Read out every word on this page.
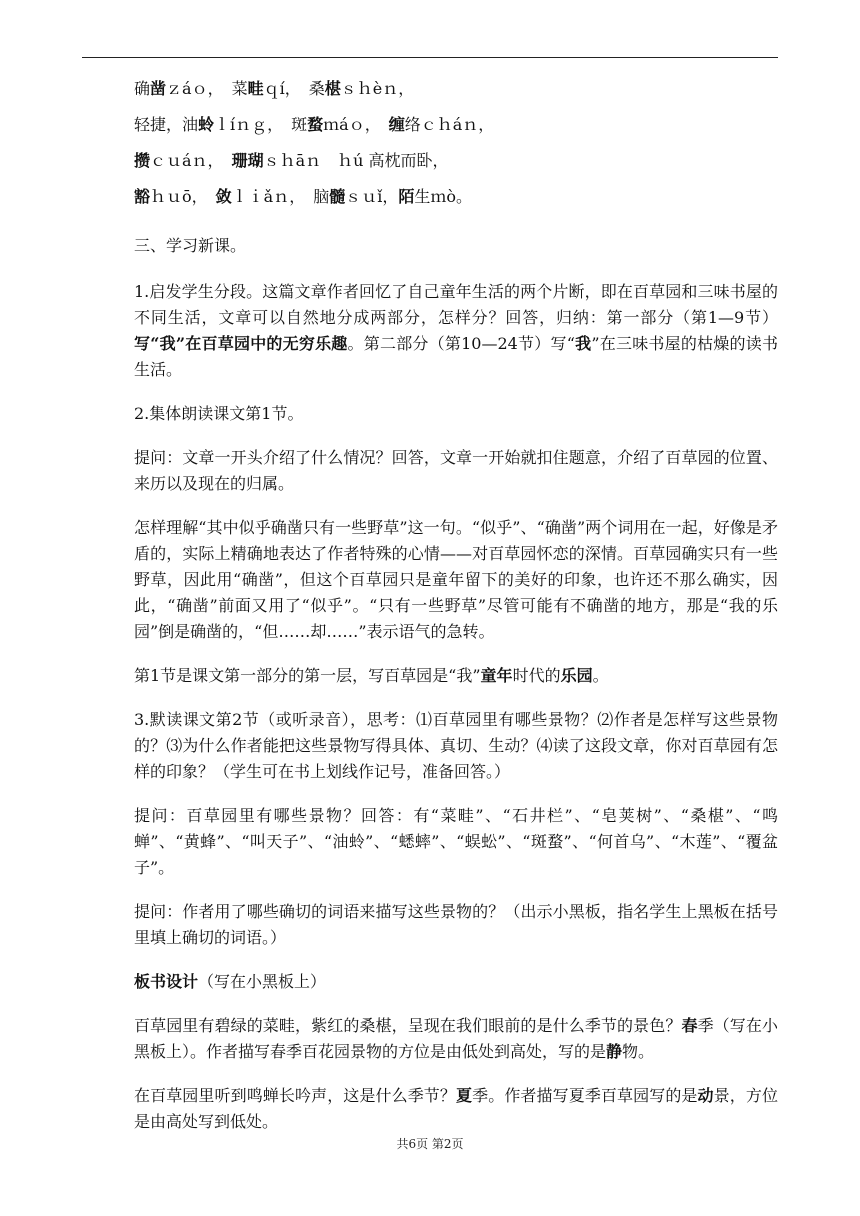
确凿ｚáｏ，　菜畦ｑí，　桑椹ｓｈèｎ，

轻捷，油蛉ｌíｎｇ，　斑蝥ｍáｏ，　缠络ｃｈáｎ，

攒ｃｕáｎ，　珊瑚ｓｈāｎ　ｈú 高枕而卧，

豁ｈｕō，　敛ｌｉǎｎ，　脑髓ｓｕǐ，陌生ｍò。

三、学习新课。

1.启发学生分段。这篇文章作者回忆了自己童年生活的两个片断，即在百草园和三味书屋的不同生活，文章可以自然地分成两部分，怎样分？回答，归纳：第一部分（第1—9节）写“我”在百草园中的无穷乐趣。第二部分（第10—24节）写“我”在三味书屋的枯燥的读书生活。

2.集体朗读课文第1节。

提问：文章一开头介绍了什么情况？回答，文章一开始就扣住题意，介绍了百草园的位置、来历以及现在的归属。

怎样理解“其中似乎确凿只有一些野草”这一句。“似乎”、“确凿”两个词用在一起，好像是矛盾的，实际上精确地表达了作者特殊的心情——对百草园怀恋的深情。百草园确实只有一些野草，因此用“确凿”，但这个百草园只是童年留下的美好的印象，也许还不那么确实，因此，“确凿”前面又用了“似乎”。“只有一些野草”尽管可能有不确凿的地方，那是“我的乐园”倒是确凿的，“但……却……”表示语气的急转。

第1节是课文第一部分的第一层，写百草园是“我”童年时代的乐园。

3.默读课文第2节（或听录音），思考：⑴百草园里有哪些景物？⑵作者是怎样写这些景物的？⑶为什么作者能把这些景物写得具体、真切、生动？⑷读了这段文章，你对百草园有怎样的印象？（学生可在书上划线作记号，准备回答。）

提问：百草园里有哪些景物？回答：有“菜畦”、“石井栏”、“皂荚树”、“桑椹”、“鸣蝉”、“黄蜂”、“叫天子”、“油蛉”、“蟋蟀”、“蜈蚣”、“斑蝥”、“何首乌”、“木莲”、“覆盆子”。

提问：作者用了哪些确切的词语来描写这些景物的？（出示小黑板，指名学生上黑板在括号里填上确切的词语。）

板书设计（写在小黑板上）

百草园里有碧绿的菜畦，紫红的桑椹，呈现在我们眼前的是什么季节的景色？春季（写在小黑板上）。作者描写春季百花园景物的方位是由低处到高处，写的是静物。

在百草园里听到鸣蝉长吟声，这是什么季节？夏季。作者描写夏季百草园写的是动景，方位是由高处写到低处。

共6页 第2页
